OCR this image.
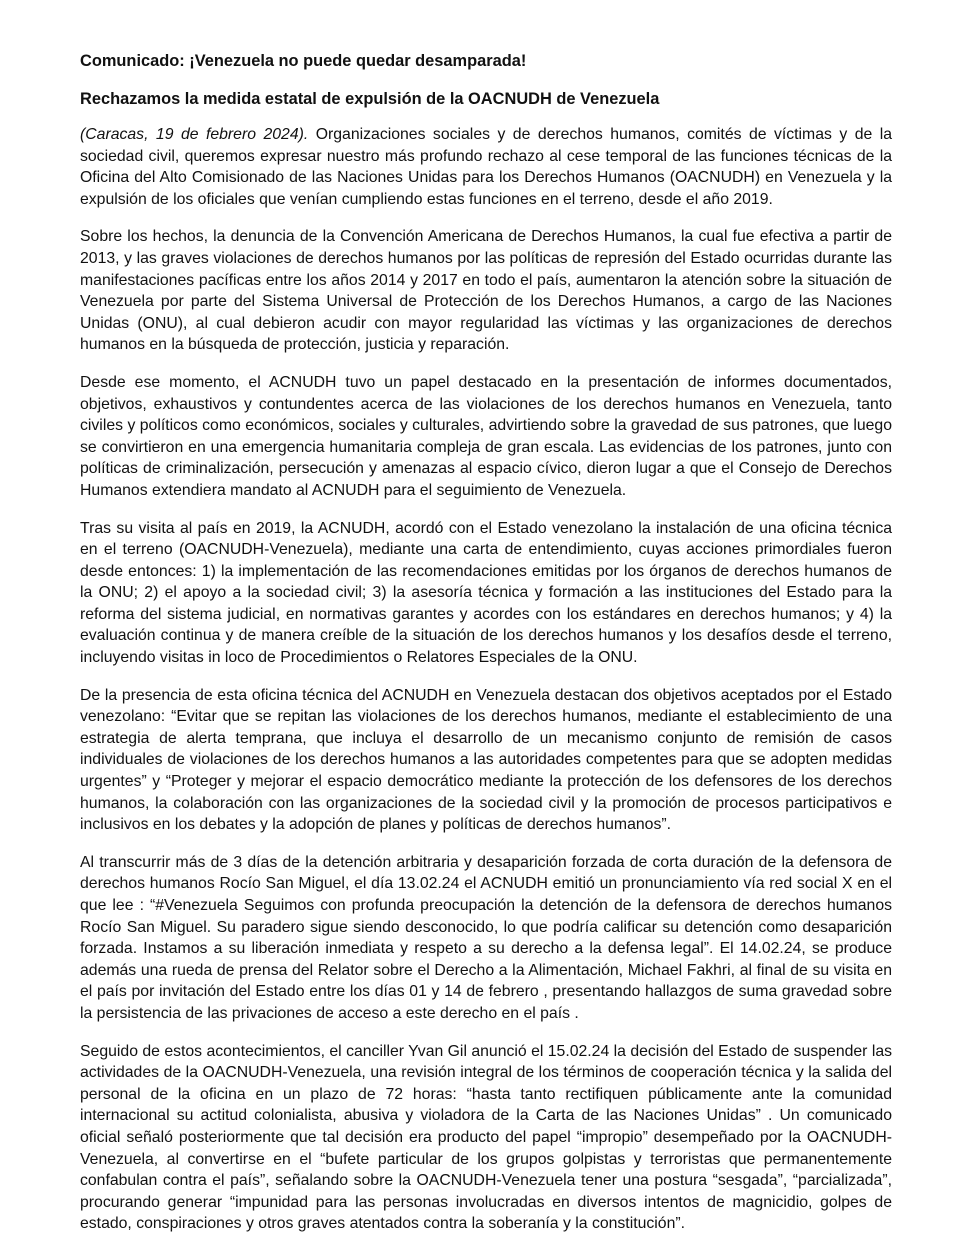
Comunicado: ¡Venezuela no puede quedar desamparada!

Rechazamos la medida estatal de expulsión de la OACNUDH de Venezuela

(Caracas, 19 de febrero 2024). Organizaciones sociales y de derechos humanos, comités de víctimas y de la sociedad civil, queremos expresar nuestro más profundo rechazo al cese temporal de las funciones técnicas de la Oficina del Alto Comisionado de las Naciones Unidas para los Derechos Humanos (OACNUDH) en Venezuela y la expulsión de los oficiales que venían cumpliendo estas funciones en el terreno, desde el año 2019.

Sobre los hechos, la denuncia de la Convención Americana de Derechos Humanos, la cual fue efectiva a partir de 2013, y las graves violaciones de derechos humanos por las políticas de represión del Estado ocurridas durante las manifestaciones pacíficas entre los años 2014 y 2017 en todo el país, aumentaron la atención sobre la situación de Venezuela por parte del Sistema Universal de Protección de los Derechos Humanos, a cargo de las Naciones Unidas (ONU), al cual debieron acudir con mayor regularidad las víctimas y las organizaciones de derechos humanos en la búsqueda de protección, justicia y reparación.

Desde ese momento, el ACNUDH tuvo un papel destacado en la presentación de informes documentados, objetivos, exhaustivos y contundentes acerca de las violaciones de los derechos humanos en Venezuela, tanto civiles y políticos como económicos, sociales y culturales, advirtiendo sobre la gravedad de sus patrones, que luego se convirtieron en una emergencia humanitaria compleja de gran escala. Las evidencias de los patrones, junto con políticas de criminalización, persecución y amenazas al espacio cívico, dieron lugar a que el Consejo de Derechos Humanos extendiera mandato al ACNUDH para el seguimiento de Venezuela.

Tras su visita al país en 2019, la ACNUDH, acordó con el Estado venezolano la instalación de una oficina técnica en el terreno (OACNUDH-Venezuela), mediante una carta de entendimiento, cuyas acciones primordiales fueron desde entonces: 1) la implementación de las recomendaciones emitidas por los órganos de derechos humanos de la ONU; 2) el apoyo a la sociedad civil; 3) la asesoría técnica y formación a las instituciones del Estado para la reforma del sistema judicial, en normativas garantes y acordes con los estándares en derechos humanos; y 4) la evaluación continua y de manera creíble de la situación de los derechos humanos y los desafíos desde el terreno, incluyendo visitas in loco de Procedimientos o Relatores Especiales de la ONU.

De la presencia de esta oficina técnica del ACNUDH en Venezuela destacan dos objetivos aceptados por el Estado venezolano: “Evitar que se repitan las violaciones de los derechos humanos, mediante el establecimiento de una estrategia de alerta temprana, que incluya el desarrollo de un mecanismo conjunto de remisión de casos individuales de violaciones de los derechos humanos a las autoridades competentes para que se adopten medidas urgentes” y “Proteger y mejorar el espacio democrático mediante la protección de los defensores de los derechos humanos, la colaboración con las organizaciones de la sociedad civil y la promoción de procesos participativos e inclusivos en los debates y la adopción de planes y políticas de derechos humanos”.

Al transcurrir más de 3 días de la detención arbitraria y desaparición forzada de corta duración de la defensora de derechos humanos Rocío San Miguel, el día 13.02.24 el ACNUDH emitió un pronunciamiento vía red social X en el que lee : “#Venezuela Seguimos con profunda preocupación la detención de la defensora de derechos humanos Rocío San Miguel. Su paradero sigue siendo desconocido, lo que podría calificar su detención como desaparición forzada. Instamos a su liberación inmediata y respeto a su derecho a la defensa legal”. El 14.02.24, se produce además una rueda de prensa del Relator sobre el Derecho a la Alimentación, Michael Fakhri, al final de su visita en el país por invitación del Estado entre los días 01 y 14 de febrero , presentando hallazgos de suma gravedad sobre la persistencia de las privaciones de acceso a este derecho en el país .

Seguido de estos acontecimientos, el canciller Yvan Gil anunció el 15.02.24 la decisión del Estado de suspender las actividades de la OACNUDH-Venezuela, una revisión integral de los términos de cooperación técnica y la salida del personal de la oficina en un plazo de 72 horas: “hasta tanto rectifiquen públicamente ante la comunidad internacional su actitud colonialista, abusiva y violadora de la Carta de las Naciones Unidas” . Un comunicado oficial señaló posteriormente que tal decisión era producto del papel “impropio” desempeñado por la OACNUDH-Venezuela, al convertirse en el “bufete particular de los grupos golpistas y terroristas que permanentemente confabulan contra el país”, señalando sobre la OACNUDH-Venezuela tener una postura “sesgada”, “parcializada”, procurando generar “impunidad para las personas involucradas en diversos intentos de magnicidio, golpes de estado, conspiraciones y otros graves atentados contra la soberanía y la constitución”.
